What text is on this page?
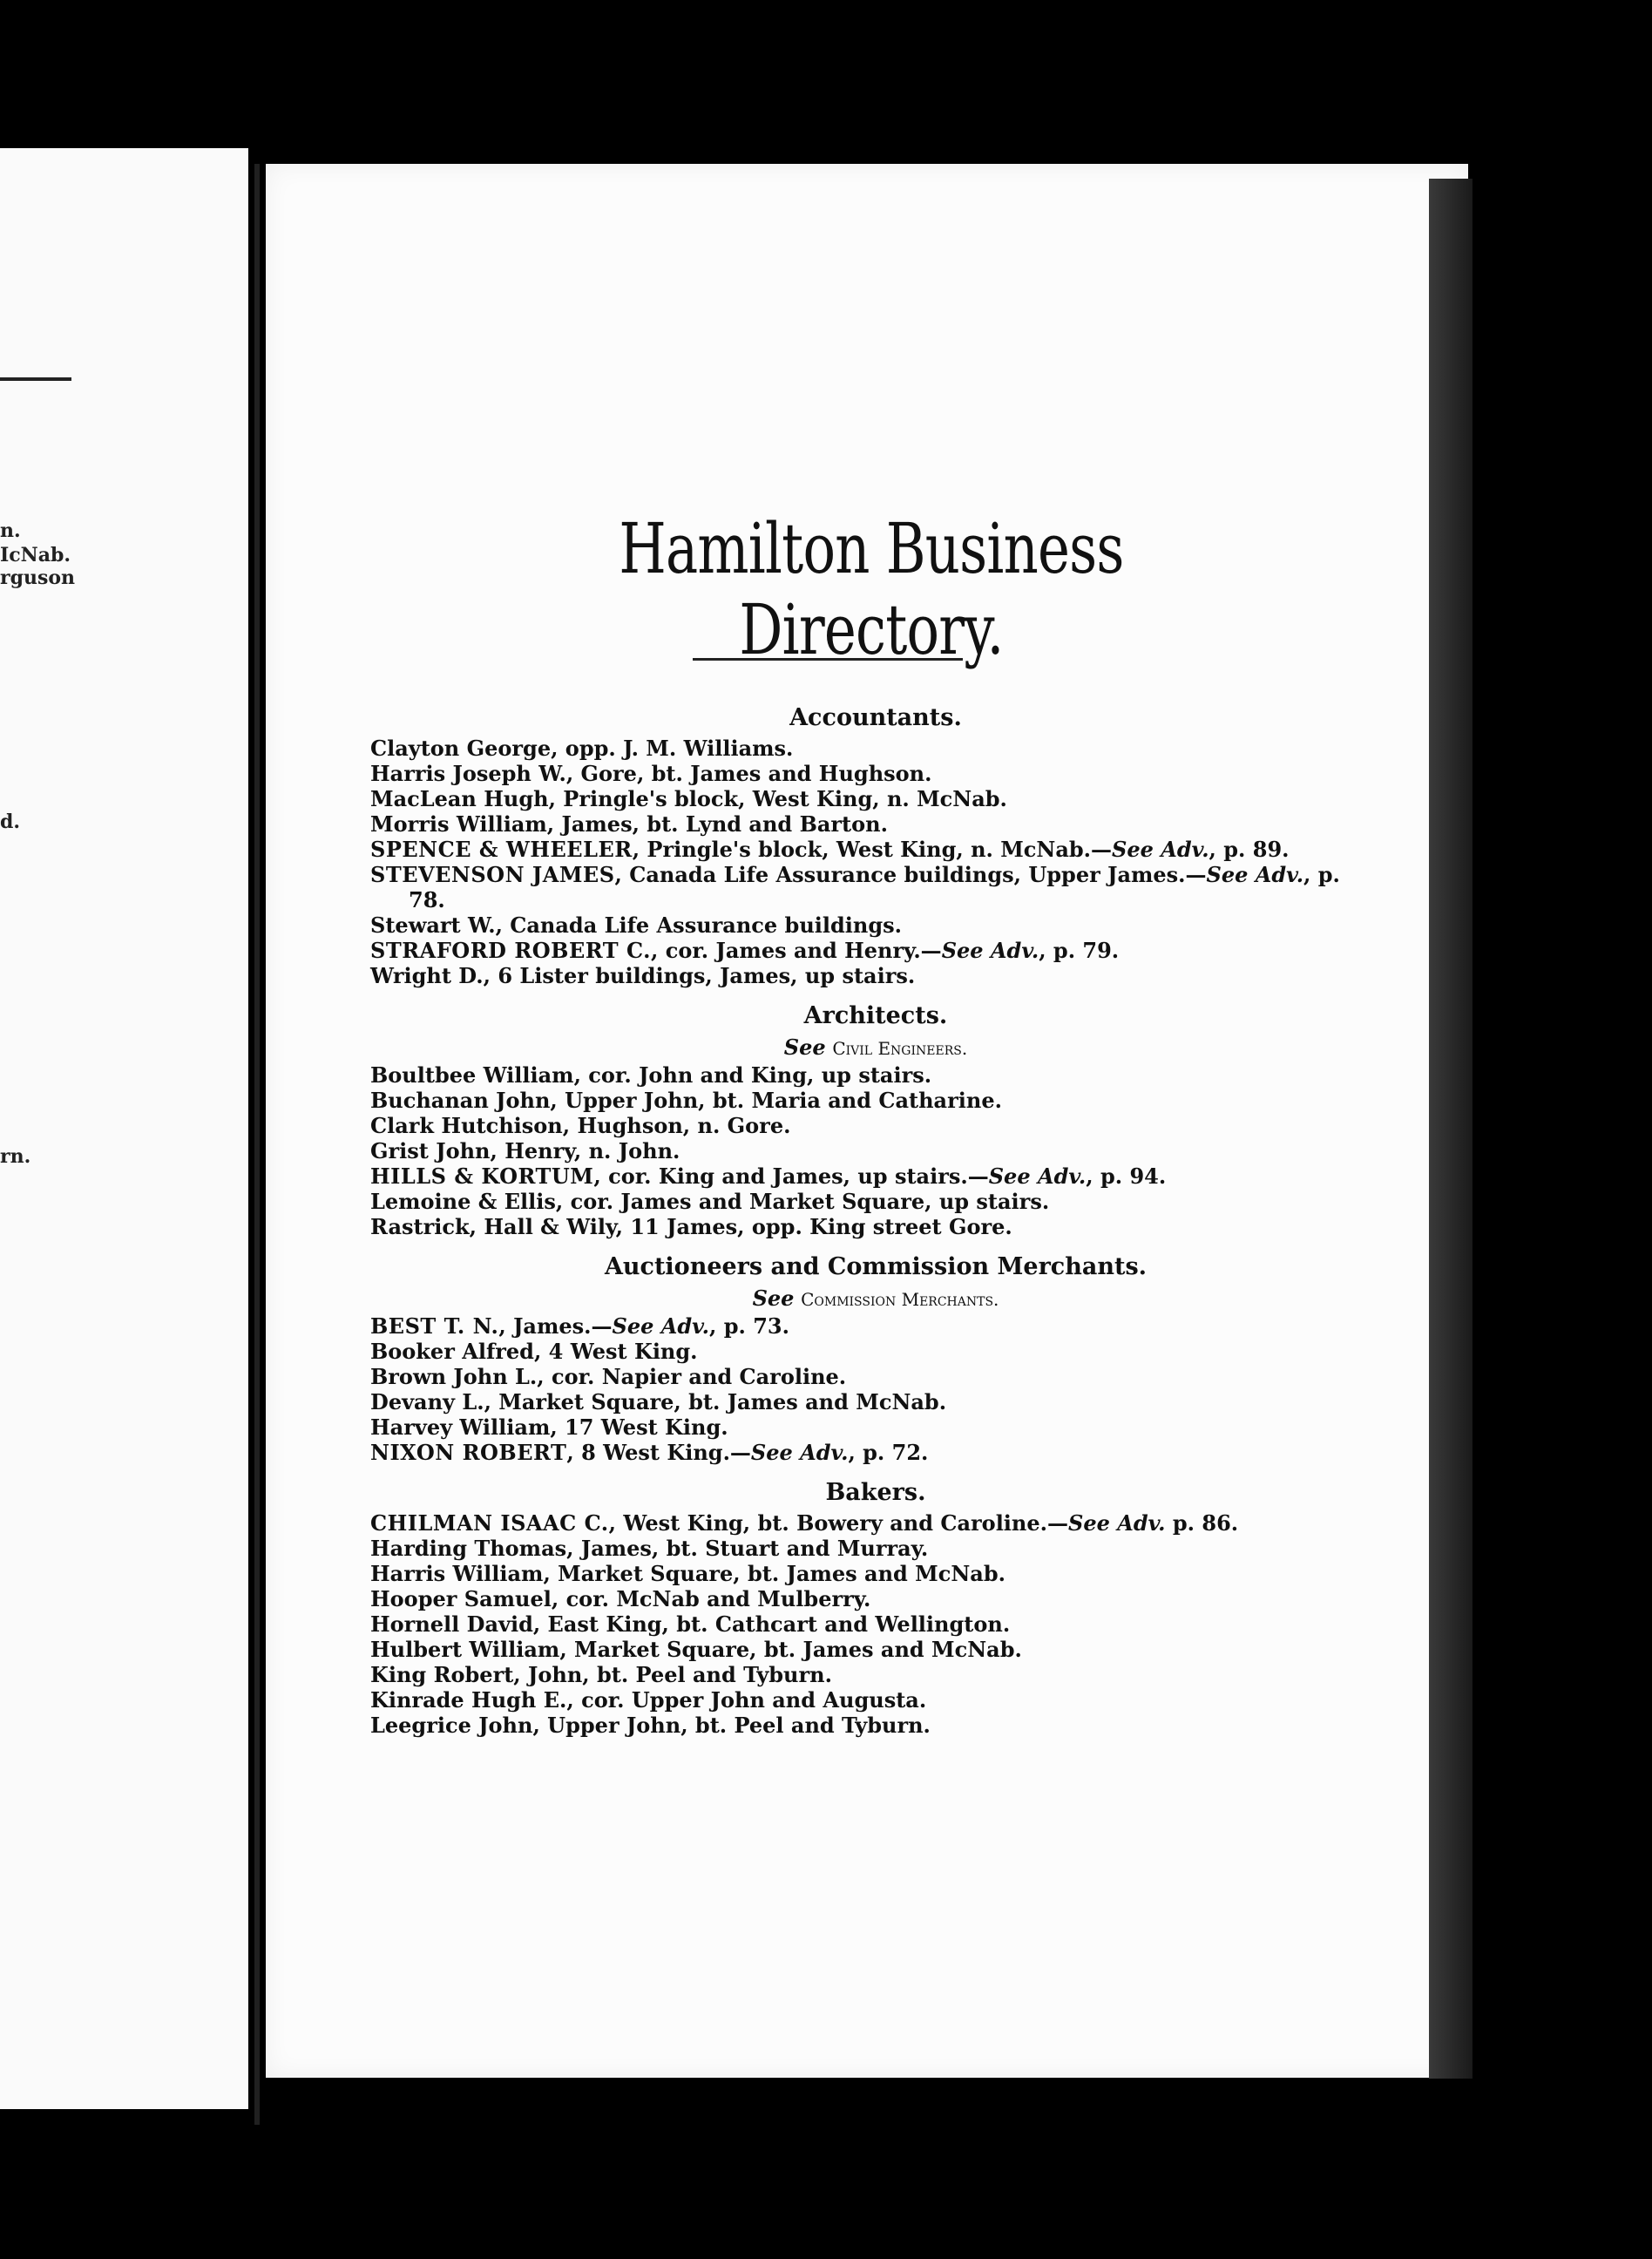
n.
IcNab.
rguson
d.
rn.
Hamilton Business Directory.
Accountants.
Clayton George, opp. J. M. Williams.
Harris Joseph W., Gore, bt. James and Hughson.
MacLean Hugh, Pringle's block, West King, n. McNab.
Morris William, James, bt. Lynd and Barton.
SPENCE & WHEELER, Pringle's block, West King, n. McNab.—See Adv., p. 89.
STEVENSON JAMES, Canada Life Assurance buildings, Upper James.—See Adv., p. 78.
Stewart W., Canada Life Assurance buildings.
STRAFORD ROBERT C., cor. James and Henry.—See Adv., p. 79.
Wright D., 6 Lister buildings, James, up stairs.
Architects.
See Civil Engineers.
Boultbee William, cor. John and King, up stairs.
Buchanan John, Upper John, bt. Maria and Catharine.
Clark Hutchison, Hughson, n. Gore.
Grist John, Henry, n. John.
HILLS & KORTUM, cor. King and James, up stairs.—See Adv., p. 94.
Lemoine & Ellis, cor. James and Market Square, up stairs.
Rastrick, Hall & Wily, 11 James, opp. King street Gore.
Auctioneers and Commission Merchants.
See Commission Merchants.
BEST T. N., James.—See Adv., p. 73.
Booker Alfred, 4 West King.
Brown John L., cor. Napier and Caroline.
Devany L., Market Square, bt. James and McNab.
Harvey William, 17 West King.
NIXON ROBERT, 8 West King.—See Adv., p. 72.
Bakers.
CHILMAN ISAAC C., West King, bt. Bowery and Caroline.—See Adv. p. 86.
Harding Thomas, James, bt. Stuart and Murray.
Harris William, Market Square, bt. James and McNab.
Hooper Samuel, cor. McNab and Mulberry.
Hornell David, East King, bt. Cathcart and Wellington.
Hulbert William, Market Square, bt. James and McNab.
King Robert, John, bt. Peel and Tyburn.
Kinrade Hugh E., cor. Upper John and Augusta.
Leegrice John, Upper John, bt. Peel and Tyburn.
